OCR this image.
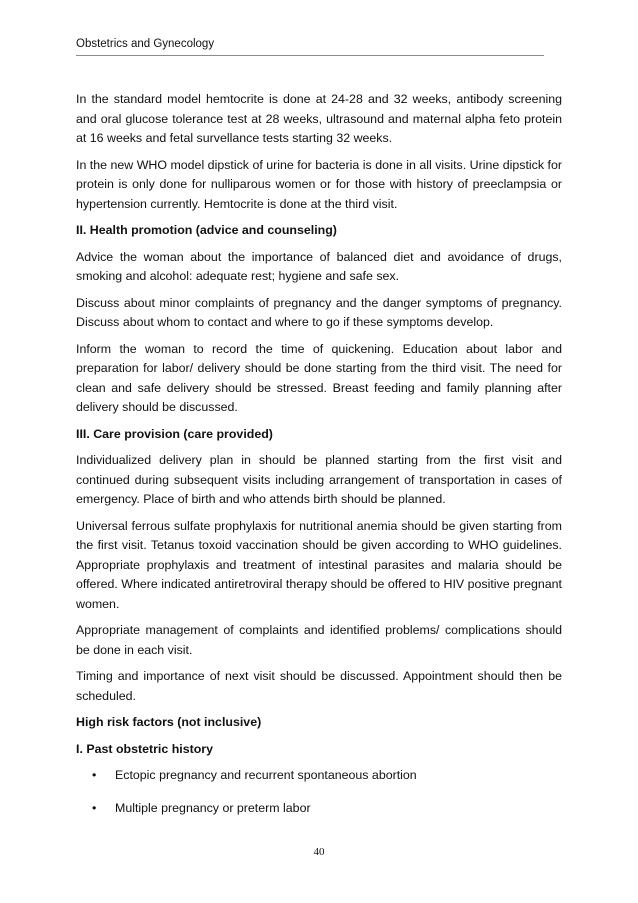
Obstetrics and Gynecology

In the standard model hemtocrite is done at 24-28 and 32 weeks, antibody screening and oral glucose tolerance test at 28 weeks, ultrasound and maternal alpha feto protein at 16 weeks and fetal survellance tests starting 32 weeks.

In the new WHO model dipstick of urine for bacteria is done in all visits. Urine dipstick for protein is only done for nulliparous women or for those with history of preeclampsia or hypertension currently. Hemtocrite is done at the third visit.

II. Health promotion (advice and counseling)

Advice the woman about the importance of balanced diet and avoidance of drugs, smoking and alcohol: adequate rest; hygiene and safe sex.

Discuss about minor complaints of pregnancy and the danger symptoms of pregnancy. Discuss about whom to contact and where to go if these symptoms develop.

Inform the woman to record the time of quickening. Education about labor and preparation for labor/ delivery should be done starting from the third visit. The need for clean and safe delivery should be stressed. Breast feeding and family planning after delivery should be discussed.

III. Care provision (care provided)

Individualized delivery plan in should be planned starting from the first visit and continued during subsequent visits including arrangement of transportation in cases of emergency. Place of birth and who attends birth should be planned.

Universal ferrous sulfate prophylaxis for nutritional anemia should be given starting from the first visit. Tetanus toxoid vaccination should be given according to WHO guidelines. Appropriate prophylaxis and treatment of intestinal parasites and malaria should be offered. Where indicated antiretroviral therapy should be offered to HIV positive pregnant women.

Appropriate management of complaints and identified problems/ complications should be done in each visit.

Timing and importance of next visit should be discussed. Appointment should then be scheduled.

High risk factors (not inclusive)

I. Past obstetric history

• Ectopic pregnancy and recurrent spontaneous abortion
• Multiple pregnancy or preterm labor
40
